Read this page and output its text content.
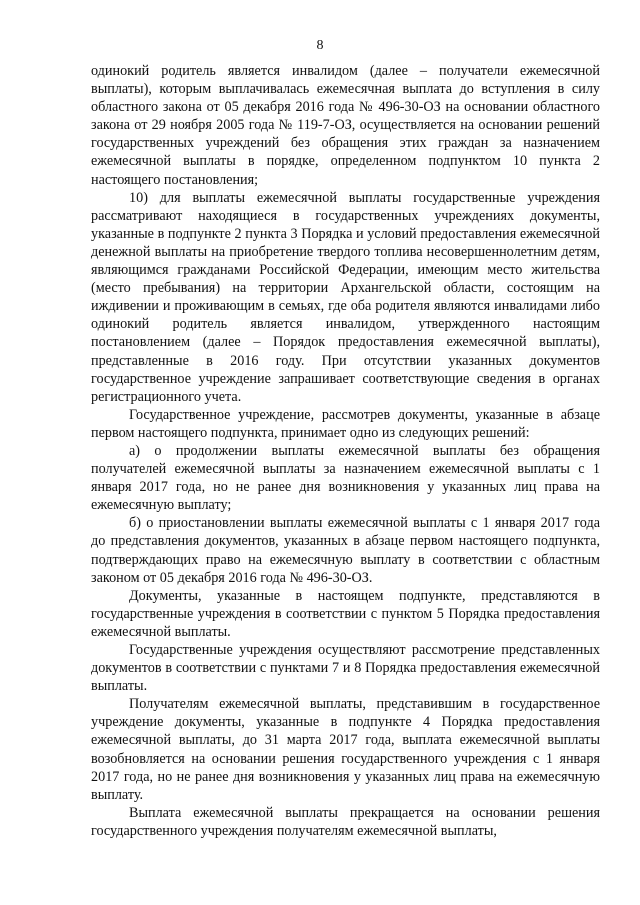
8

одинокий родитель является инвалидом (далее – получатели ежемесячной выплаты), которым выплачивалась ежемесячная выплата до вступления в силу областного закона от 05 декабря 2016 года № 496-30-ОЗ на основании областного закона от 29 ноября 2005 года № 119-7-ОЗ, осуществляется на основании решений государственных учреждений без обращения этих граждан за назначением ежемесячной выплаты в порядке, определенном подпунктом 10 пункта 2 настоящего постановления;

10) для выплаты ежемесячной выплаты государственные учреждения рассматривают находящиеся в государственных учреждениях документы, указанные в подпункте 2 пункта 3 Порядка и условий предоставления ежемесячной денежной выплаты на приобретение твердого топлива несовершеннолетним детям, являющимся гражданами Российской Федерации, имеющим место жительства (место пребывания) на территории Архангельской области, состоящим на иждивении и проживающим в семьях, где оба родителя являются инвалидами либо одинокий родитель является инвалидом, утвержденного настоящим постановлением (далее – Порядок предоставления ежемесячной выплаты), представленные в 2016 году. При отсутствии указанных документов государственное учреждение запрашивает соответствующие сведения в органах регистрационного учета.

Государственное учреждение, рассмотрев документы, указанные в абзаце первом настоящего подпункта, принимает одно из следующих решений:

а) о продолжении выплаты ежемесячной выплаты без обращения получателей ежемесячной выплаты за назначением ежемесячной выплаты с 1 января 2017 года, но не ранее дня возникновения у указанных лиц права на ежемесячную выплату;

б) о приостановлении выплаты ежемесячной выплаты с 1 января 2017 года до представления документов, указанных в абзаце первом настоящего подпункта, подтверждающих право на ежемесячную выплату в соответствии с областным законом от 05 декабря 2016 года № 496-30-ОЗ.

Документы, указанные в настоящем подпункте, представляются в государственные учреждения в соответствии с пунктом 5 Порядка предоставления ежемесячной выплаты.

Государственные учреждения осуществляют рассмотрение представленных документов в соответствии с пунктами 7 и 8 Порядка предоставления ежемесячной выплаты.

Получателям ежемесячной выплаты, представившим в государственное учреждение документы, указанные в подпункте 4 Порядка предоставления ежемесячной выплаты, до 31 марта 2017 года, выплата ежемесячной выплаты возобновляется на основании решения государственного учреждения с 1 января 2017 года, но не ранее дня возникновения у указанных лиц права на ежемесячную выплату.

Выплата ежемесячной выплаты прекращается на основании решения государственного учреждения получателям ежемесячной выплаты,
